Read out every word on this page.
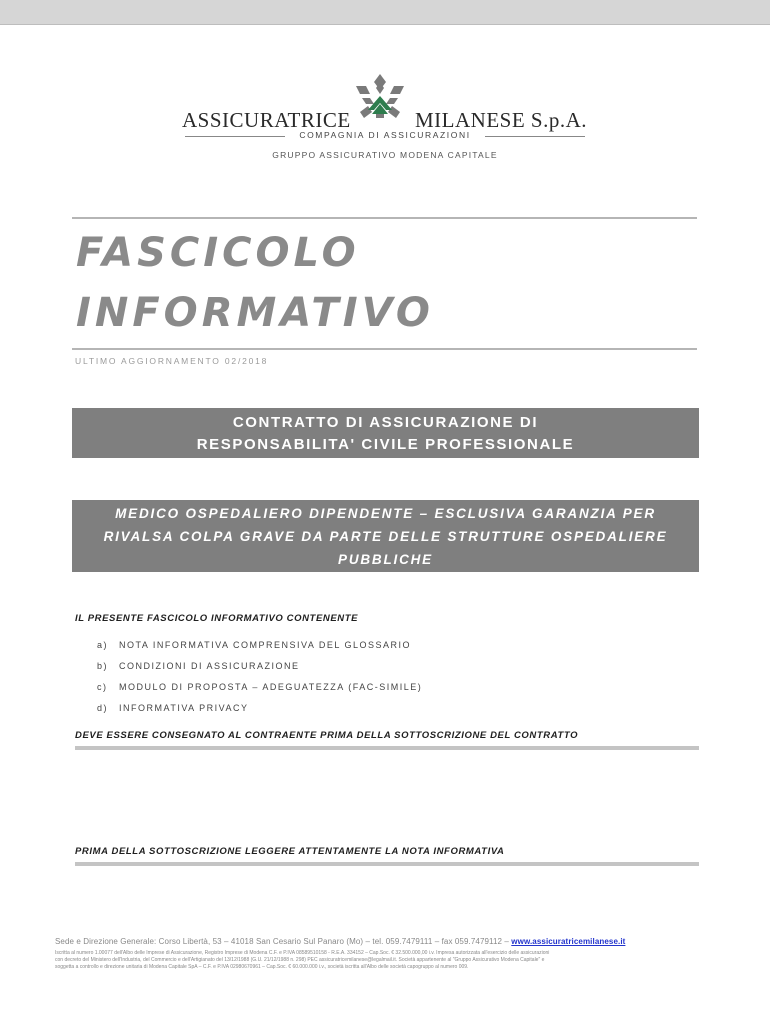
ASSICURATRICE	MILANESE S.p.A.
COMPAGNIA DI ASSICURAZIONI
GRUPPO ASSICURATIVO MODENA CAPITALE
FASCICOLO
INFORMATIVO
ULTIMO AGGIORNAMENTO 02/2018
CONTRATTO DI ASSICURAZIONE DI
RESPONSABILITA' CIVILE PROFESSIONALE
MEDICO OSPEDALIERO DIPENDENTE – ESCLUSIVA GARANZIA PER
RIVALSA COLPA GRAVE DA PARTE DELLE STRUTTURE OSPEDALIERE
PUBBLICHE
IL PRESENTE FASCICOLO INFORMATIVO CONTENENTE
a) NOTA INFORMATIVA COMPRENSIVA DEL GLOSSARIO
b) CONDIZIONI DI ASSICURAZIONE
c) MODULO DI PROPOSTA – ADEGUATEZZA (FAC-SIMILE)
d) INFORMATIVA PRIVACY
DEVE ESSERE CONSEGNATO AL CONTRAENTE PRIMA DELLA SOTTOSCRIZIONE DEL CONTRATTO
PRIMA DELLA SOTTOSCRIZIONE LEGGERE ATTENTAMENTE LA NOTA INFORMATIVA
Sede e Direzione Generale: Corso Libertà, 53 – 41018 San Cesario Sul Panaro (Mo) – tel. 059.7479111 – fax 059.7479112 – www.assicuratricemilanese.it
Iscritta al numero 1.00077 dell'Albo delle Imprese di Assicurazione, Registro Imprese di Modena C.F. e P.IVA 08589510158 - R.E.A. 334152 – Cap.Soc. € 32.500.000,00 i.v. Impresa autorizzata all'esercizio delle assicurazioni
con decreto del Ministero dell'Industria, del Commercio e dell'Artigianato del 13/12/1988 (G.U. 21/12/1988 n. 298) PEC assicuratricemilanese@legalmail.it. Società appartenente al "Gruppo Assicurativo Modena Capitale" e
soggetta a controllo e direzione unitaria di Modena Capitale SpA – C.F. e P.IVA 02980670961 – Cap.Soc. € 60.000.000 i.v., società iscritta all'Albo delle società capogruppo al numero 009.
